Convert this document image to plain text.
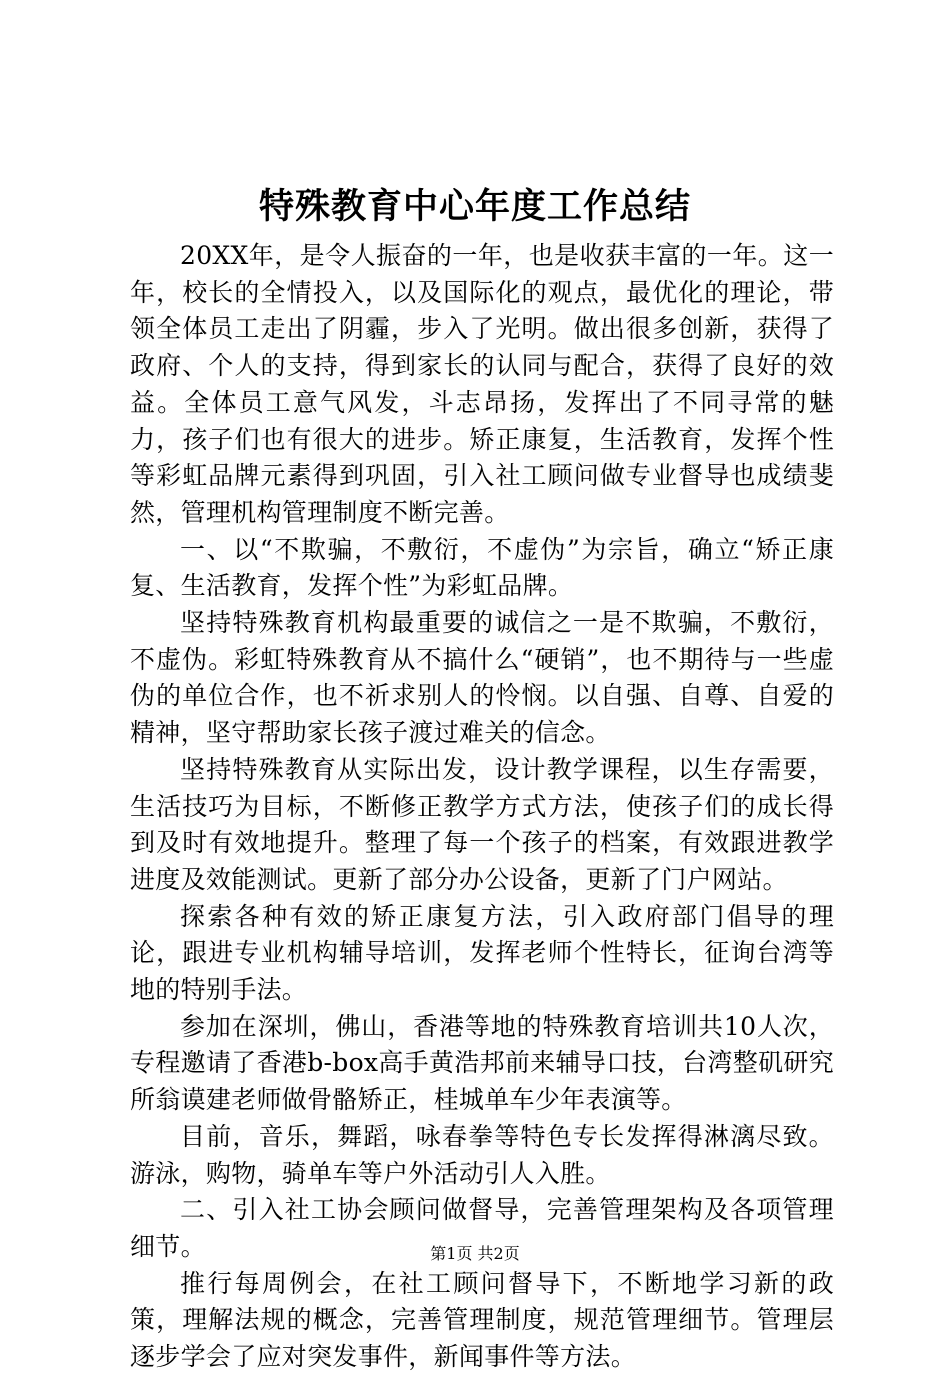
特殊教育中心年度工作总结

20XX年，是令人振奋的一年，也是收获丰富的一年。这一年，校长的全情投入，以及国际化的观点，最优化的理论，带领全体员工走出了阴霾，步入了光明。做出很多创新，获得了政府、个人的支持，得到家长的认同与配合，获得了良好的效益。全体员工意气风发，斗志昂扬，发挥出了不同寻常的魅力，孩子们也有很大的进步。矫正康复，生活教育，发挥个性等彩虹品牌元素得到巩固，引入社工顾问做专业督导也成绩斐然，管理机构管理制度不断完善。

一、以“不欺骗，不敷衍，不虚伪”为宗旨，确立“矫正康复、生活教育，发挥个性”为彩虹品牌。

坚持特殊教育机构最重要的诚信之一是不欺骗，不敷衍，不虚伪。彩虹特殊教育从不搞什么“硬销”，也不期待与一些虚伪的单位合作，也不祈求别人的怜悯。以自强、自尊、自爱的精神，坚守帮助家长孩子渡过难关的信念。

坚持特殊教育从实际出发，设计教学课程，以生存需要，生活技巧为目标，不断修正教学方式方法，使孩子们的成长得到及时有效地提升。整理了每一个孩子的档案，有效跟进教学进度及效能测试。更新了部分办公设备，更新了门户网站。

探索各种有效的矫正康复方法，引入政府部门倡导的理论，跟进专业机构辅导培训，发挥老师个性特长，征询台湾等地的特别手法。

参加在深圳，佛山，香港等地的特殊教育培训共10人次，专程邀请了香港b-box高手黄浩邦前来辅导口技，台湾整矶研究所翁谟建老师做骨骼矫正，桂城单车少年表演等。

目前，音乐，舞蹈，咏春拳等特色专长发挥得淋漓尽致。游泳，购物，骑单车等户外活动引人入胜。

二、引入社工协会顾问做督导，完善管理架构及各项管理细节。

推行每周例会，在社工顾问督导下，不断地学习新的政策，理解法规的概念，完善管理制度，规范管理细节。管理层逐步学会了应对突发事件，新闻事件等方法。

第1页 共2页
